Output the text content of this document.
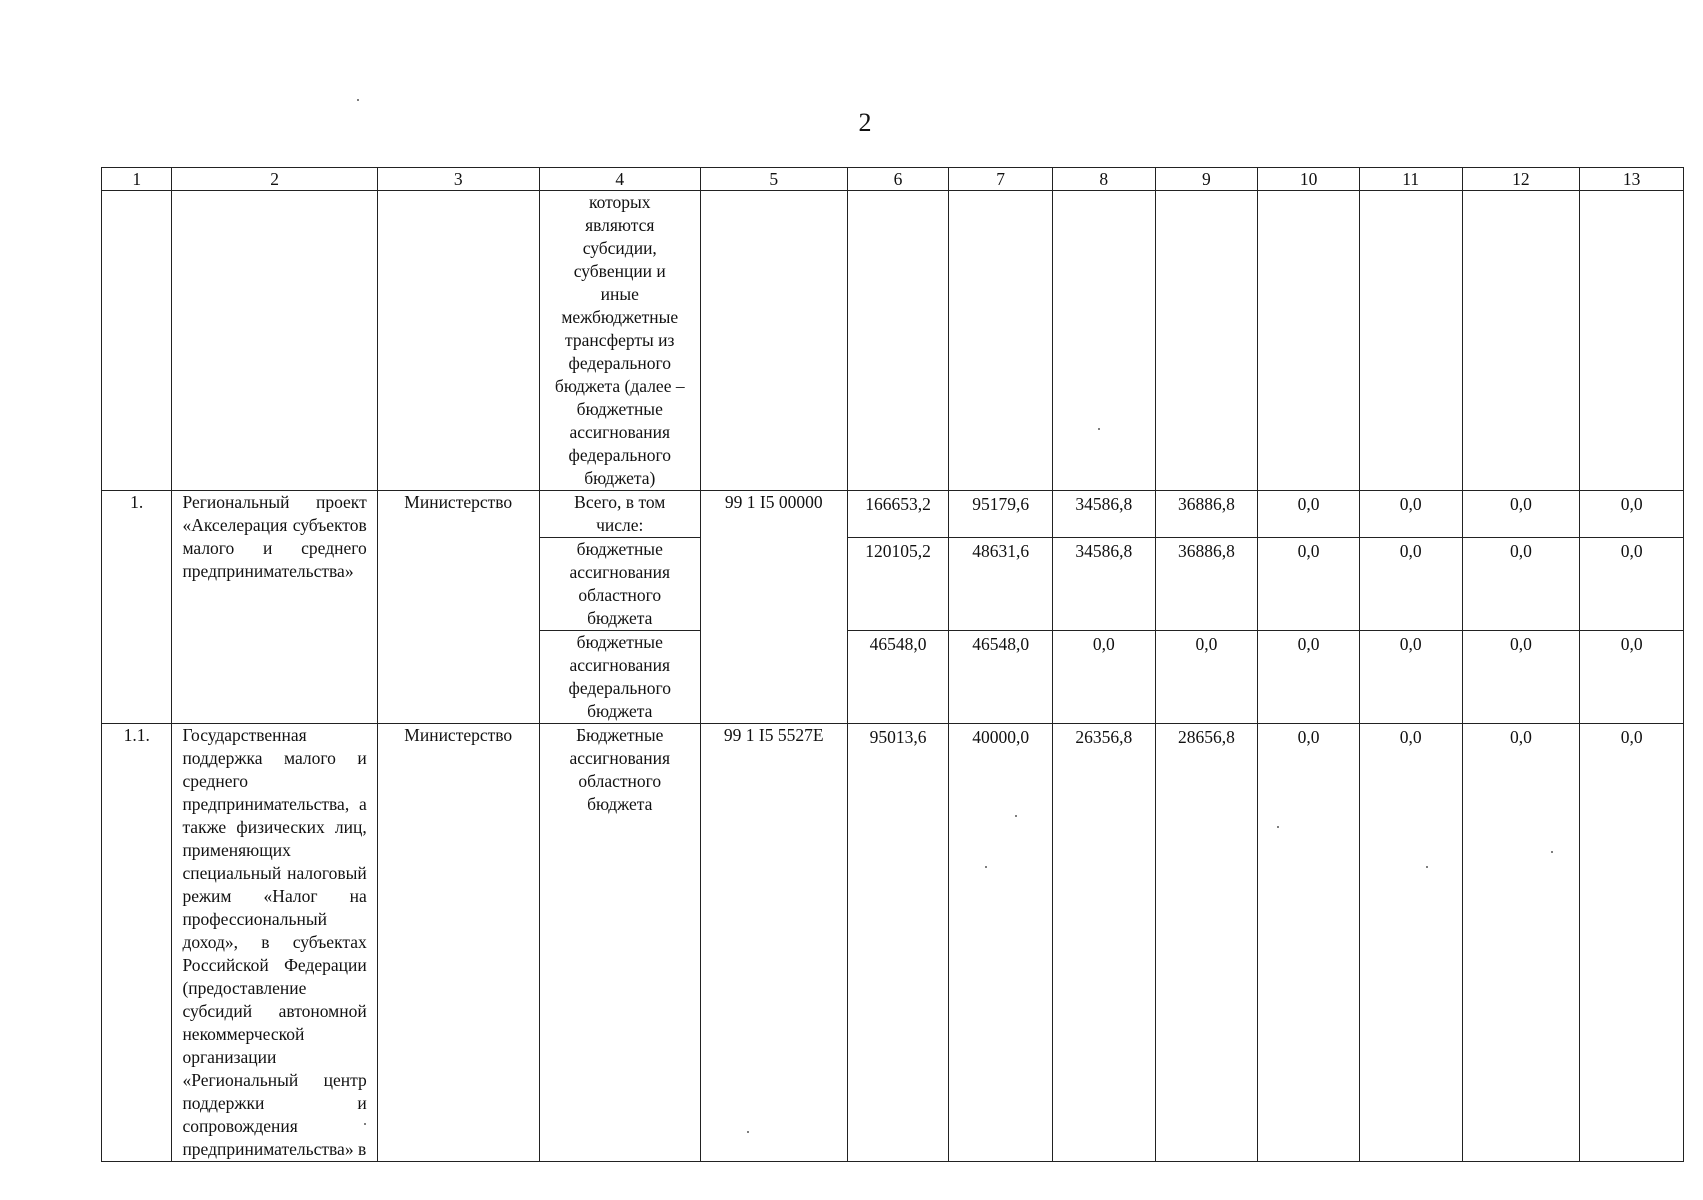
2
1	2	3	4	5	6	7	8	9	10	11	12	13
			которых являются субсидии, субвенции и иные межбюджетные трансферты из федерального бюджета (далее – бюджетные ассигнования федерального бюджета)									
1.	Региональный проект «Акселерация субъектов малого и среднего предпринимательства»	Министерство	Всего, в том числе:	99 1 I5 00000	166653,2	95179,6	34586,8	36886,8	0,0	0,0	0,0	0,0
			бюджетные ассигнования областного бюджета		120105,2	48631,6	34586,8	36886,8	0,0	0,0	0,0	0,0
			бюджетные ассигнования федерального бюджета		46548,0	46548,0	0,0	0,0	0,0	0,0	0,0	0,0
1.1.	Государственная поддержка малого и среднего предпринимательства, а также физических лиц, применяющих специальный налоговый режим «Налог на профессиональный доход», в субъектах Российской Федерации (предоставление субсидий автономной некоммерческой организации «Региональный центр поддержки и сопровождения предпринимательства» в	Министерство	Бюджетные ассигнования областного бюджета	99 1 I5 5527E	95013,6	40000,0	26356,8	28656,8	0,0	0,0	0,0	0,0
